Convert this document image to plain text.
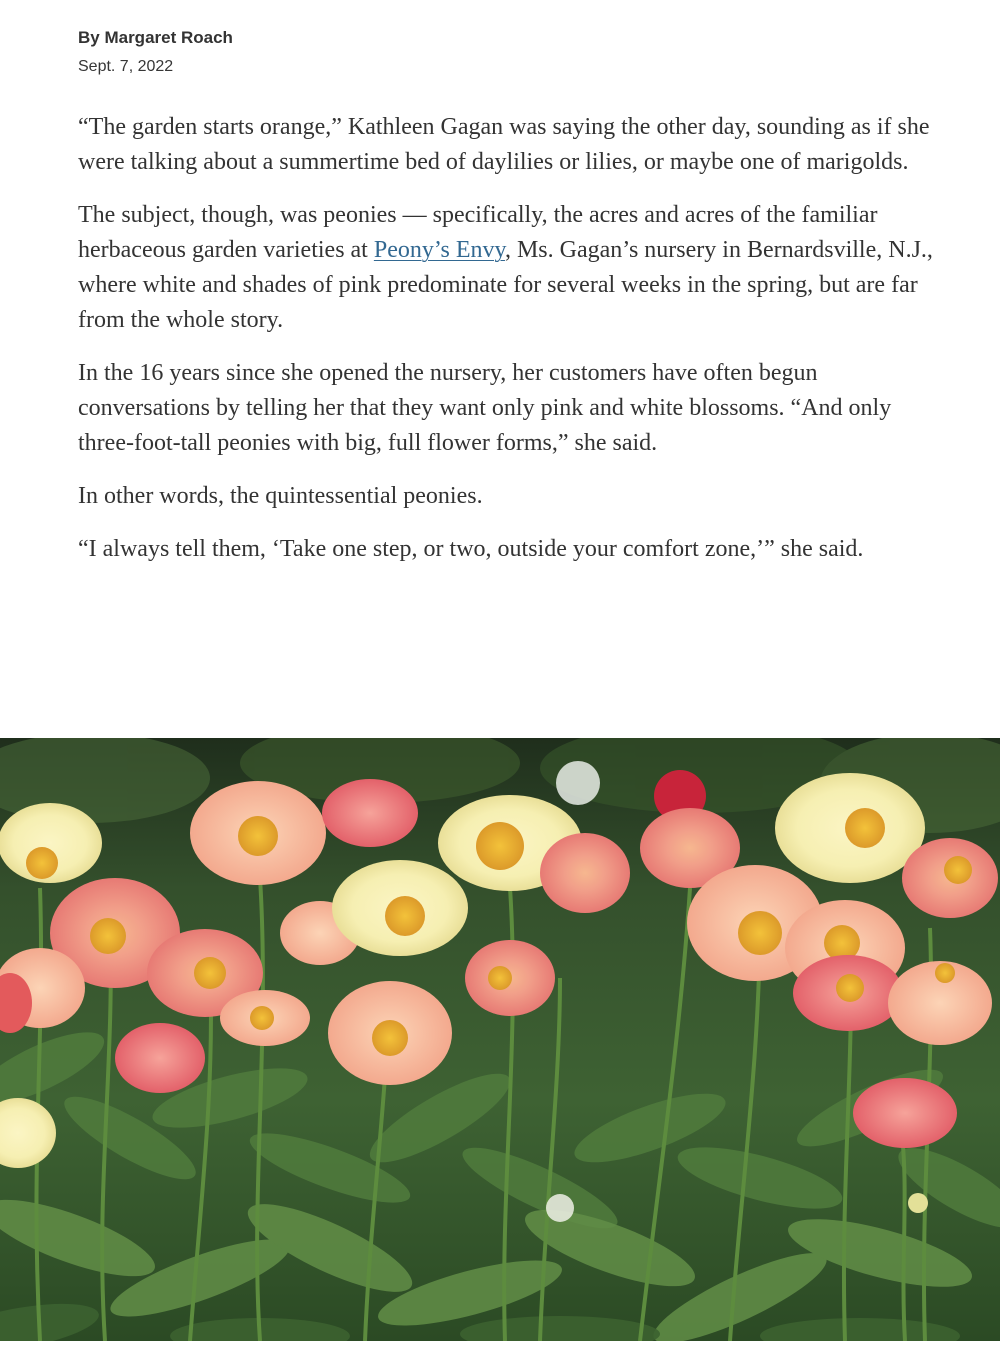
By Margaret Roach

Sept. 7, 2022

“The garden starts orange,” Kathleen Gagan was saying the other day, sounding as if she were talking about a summertime bed of daylilies or lilies, or maybe one of marigolds.

The subject, though, was peonies — specifically, the acres and acres of the familiar herbaceous garden varieties at Peony’s Envy, Ms. Gagan’s nursery in Bernardsville, N.J., where white and shades of pink predominate for several weeks in the spring, but are far from the whole story.

In the 16 years since she opened the nursery, her customers have often begun conversations by telling her that they want only pink and white blossoms. “And only three-foot-tall peonies with big, full flower forms,” she said.

In other words, the quintessential peonies.

“I always tell them, ‘Take one step, or two, outside your comfort zone,’” she said.
